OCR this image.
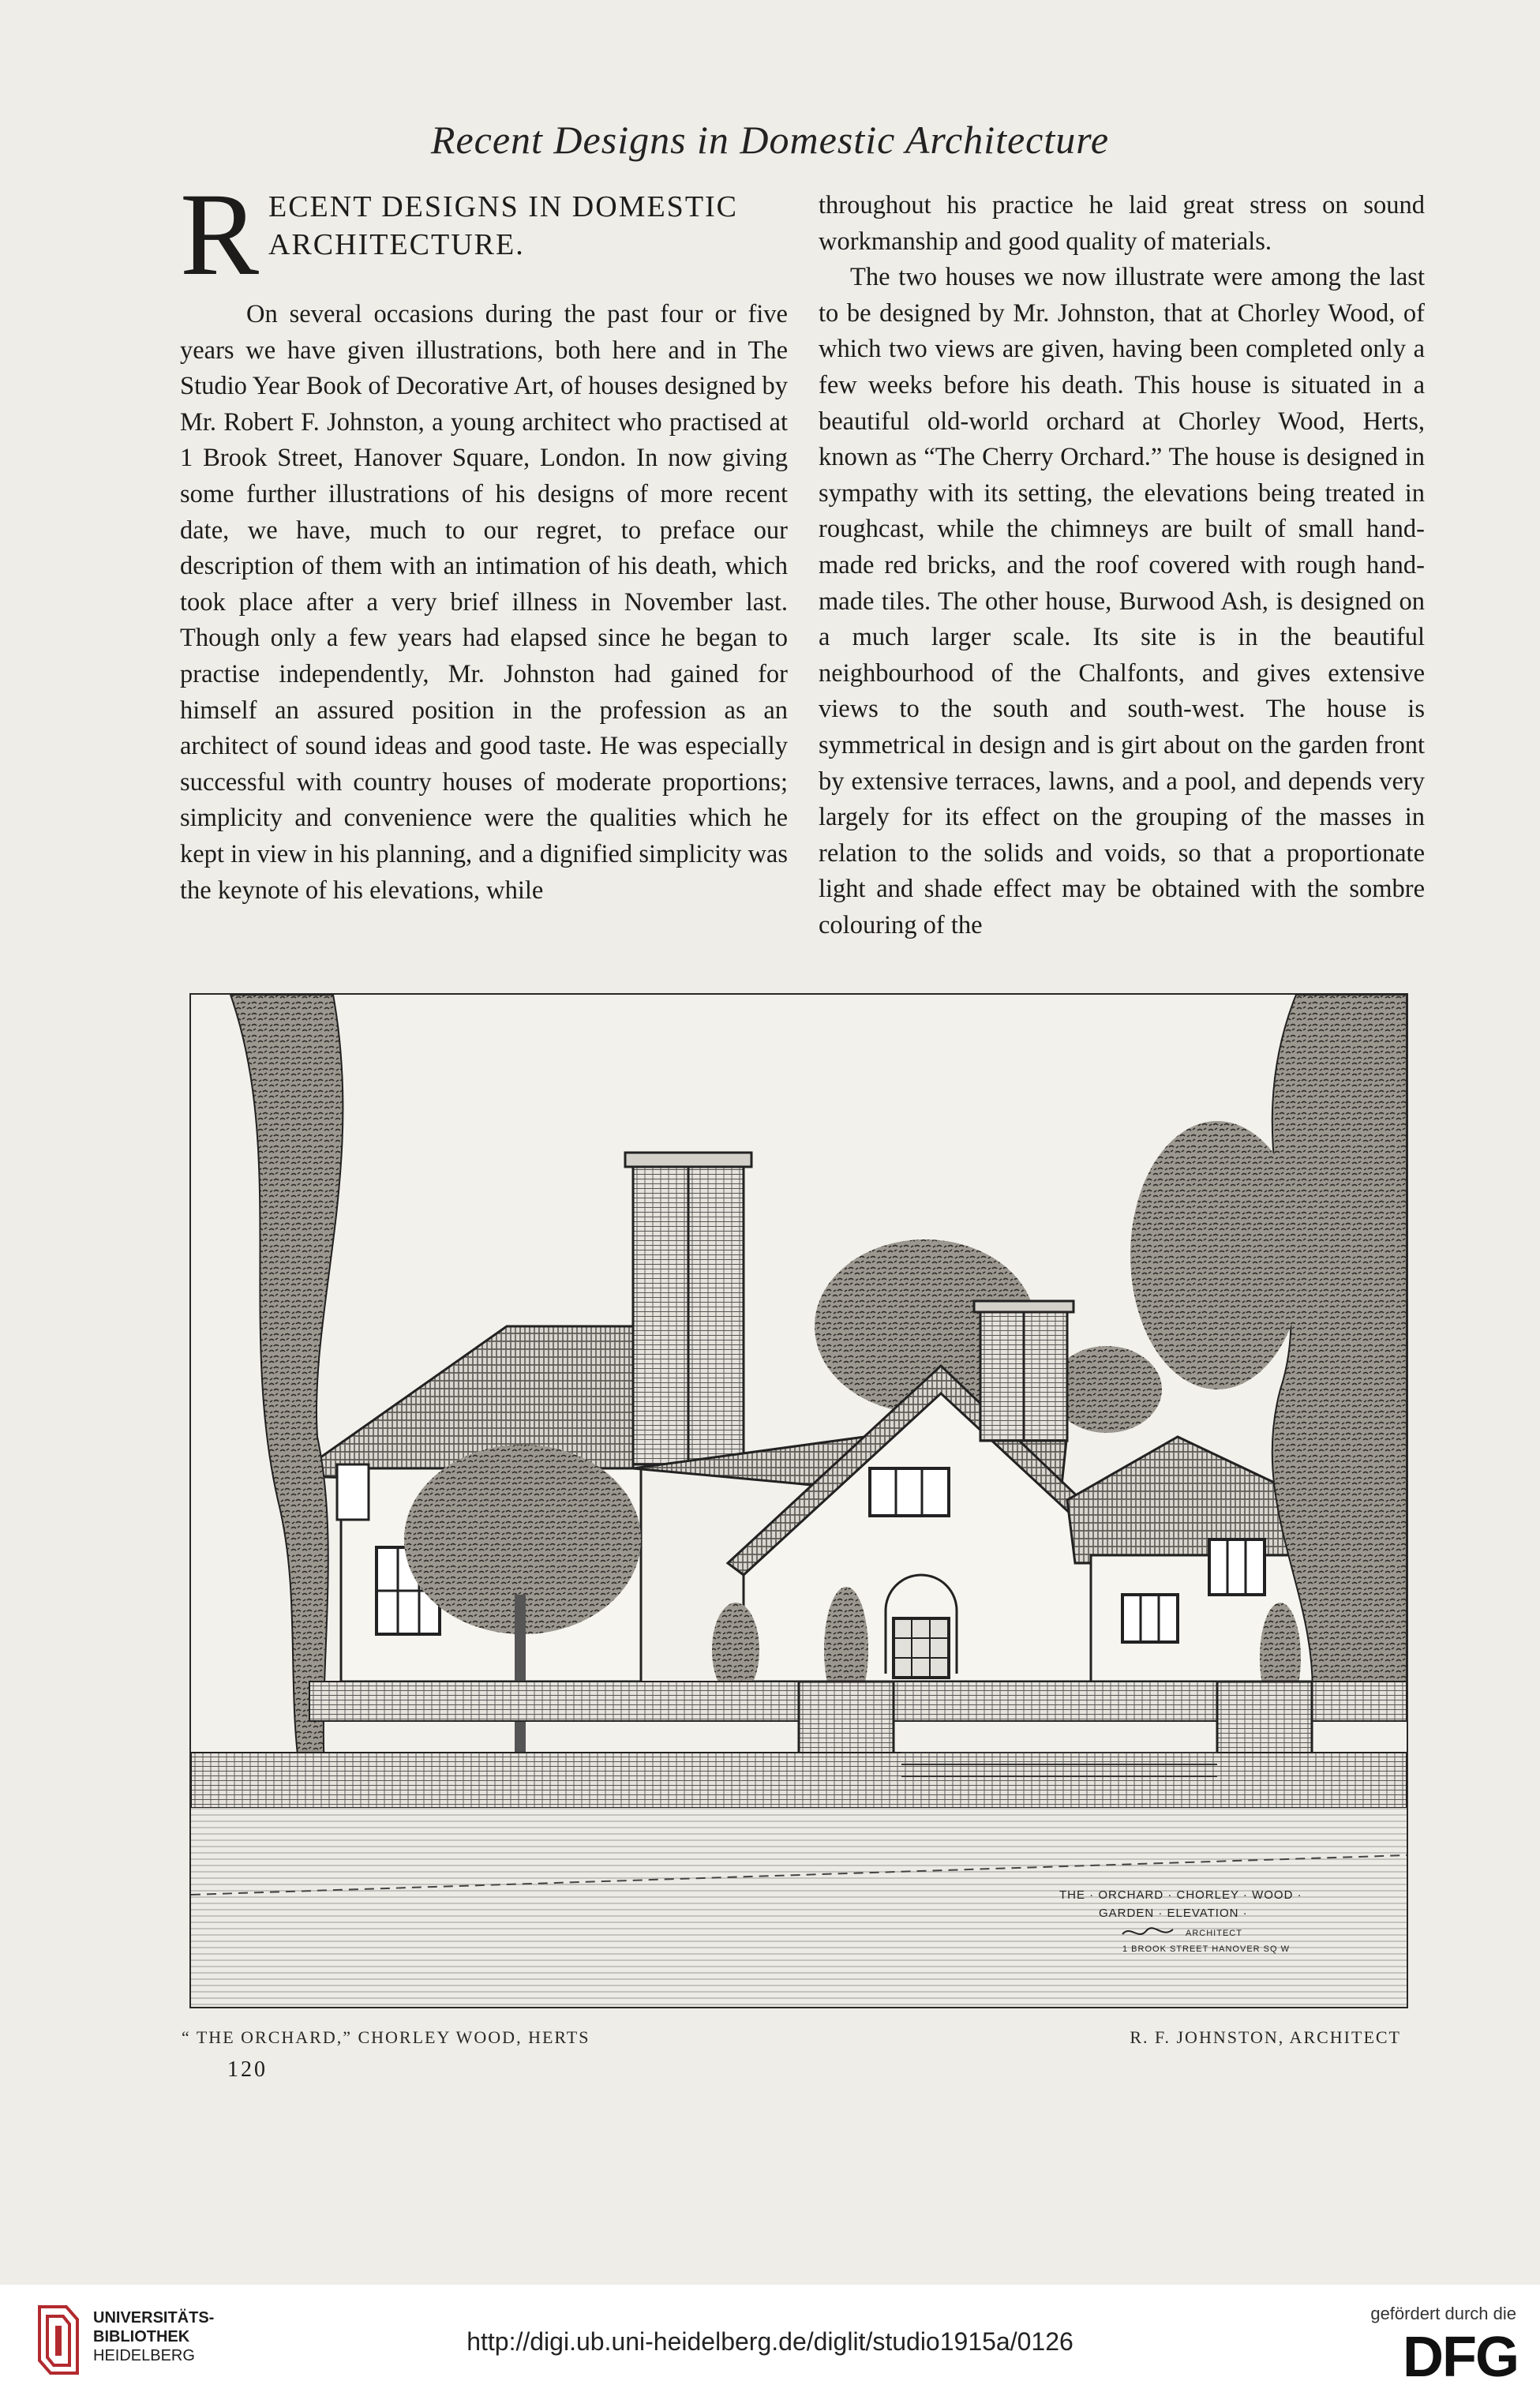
Recent Designs in Domestic Architecture
R ECENT DESIGNS IN DOMESTIC
ARCHITECTURE.

On several occasions during the past four or five years we have given illustrations, both here and in The Studio Year Book of Decorative Art, of houses designed by Mr. Robert F. Johnston, a young architect who practised at 1 Brook Street, Hanover Square, London. In now giving some further illustrations of his designs of more recent date, we have, much to our regret, to preface our description of them with an intimation of his death, which took place after a very brief illness in November last. Though only a few years had elapsed since he began to practise independently, Mr. Johnston had gained for himself an assured position in the profession as an architect of sound ideas and good taste. He was especially successful with country houses of moderate proportions; simplicity and convenience were the qualities which he kept in view in his planning, and a dignified simplicity was the keynote of his elevations, while

throughout his practice he laid great stress on sound workmanship and good quality of materials.

The two houses we now illustrate were among the last to be designed by Mr. Johnston, that at Chorley Wood, of which two views are given, having been completed only a few weeks before his death. This house is situated in a beautiful old-world orchard at Chorley Wood, Herts, known as “The Cherry Orchard.” The house is designed in sympathy with its setting, the elevations being treated in roughcast, while the chimneys are built of small hand-made red bricks, and the roof covered with rough hand-made tiles. The other house, Burwood Ash, is designed on a much larger scale. Its site is in the beautiful neighbourhood of the Chalfonts, and gives extensive views to the south and south-west. The house is symmetrical in design and is girt about on the garden front by extensive terraces, lawns, and a pool, and depends very largely for its effect on the grouping of the masses in relation to the solids and voids, so that a proportionate light and shade effect may be obtained with the sombre colouring of the

THE · ORCHARD · CHORLEY · WOOD ·
GARDEN · ELEVATION ·
ARCHITECT
1 BROOK STREET HANOVER SQ W
“ THE ORCHARD,” CHORLEY WOOD, HERTS	R. F. JOHNSTON, ARCHITECT
120
UNIVERSITÄTS-
BIBLIOTHEK
HEIDELBERG	http://digi.ub.uni-heidelberg.de/diglit/studio1915a/0126
gefördert durch die
DFG
